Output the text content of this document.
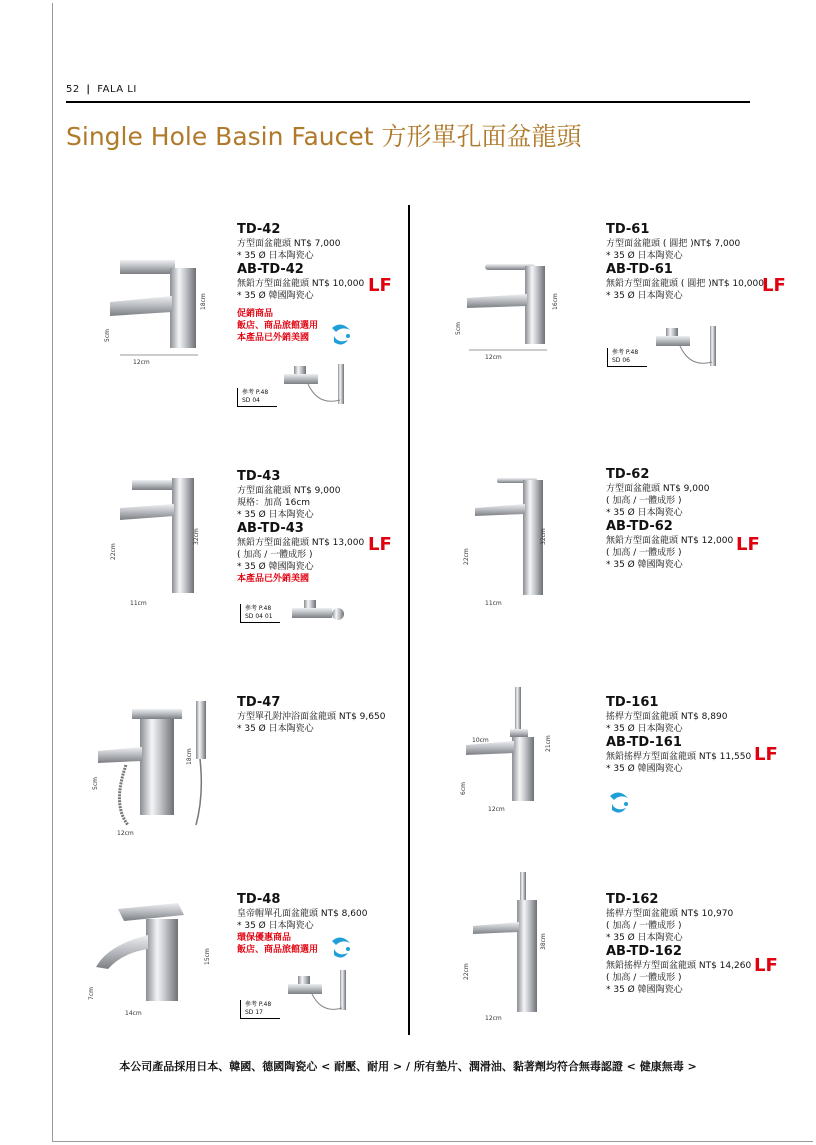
52 | FALA LI
Single Hole Basin Faucet 方形單孔面盆龍頭
TD-42
方型面盆龍頭 NT$ 7,000
* 35 Ø 日本陶瓷心
AB-TD-42
無鉛方型面盆龍頭 NT$ 10,000
* 35 Ø 韓國陶瓷心
促銷商品
飯店、商品旅館選用
本產品已外銷美國
LF
參考 P.48
SD 04
TD-61
方型面盆龍頭 ( 圓把 )NT$ 7,000
* 35 Ø 日本陶瓷心
AB-TD-61
無鉛方型面盆龍頭 ( 圓把 )NT$ 10,000
* 35 Ø 日本陶瓷心	LF
參考 P.48
SD 06
TD-43
方型面盆龍頭 NT$ 9,000
規格：加高 16cm
* 35 Ø 日本陶瓷心
AB-TD-43
無鉛方型面盆龍頭 NT$ 13,000
( 加高 / 一體成形 )
* 35 Ø 韓國陶瓷心
本產品已外銷美國
LF
參考 P.48
SD 04 01
TD-62
方型面盆龍頭 NT$ 9,000
( 加高 / 一體成形 )
* 35 Ø 日本陶瓷心
AB-TD-62
無鉛方型面盆龍頭 NT$ 12,000
( 加高 / 一體成形 )
* 35 Ø 韓國陶瓷心
LF
TD-47
方型單孔附沖浴面盆龍頭 NT$ 9,650
* 35 Ø 日本陶瓷心
TD-161
搖桿方型面盆龍頭 NT$ 8,890
* 35 Ø 日本陶瓷心
AB-TD-161
無鉛搖桿方型面盆龍頭 NT$ 11,550
* 35 Ø 韓國陶瓷心
LF
TD-48
皇帝帽單孔面盆龍頭 NT$ 8,600
* 35 Ø 日本陶瓷心
環保優惠商品
飯店、商品旅館選用
參考 P.48
SD 17
TD-162
搖桿方型面盆龍頭 NT$ 10,970
( 加高 / 一體成形 )
* 35 Ø 日本陶瓷心
AB-TD-162
無鉛搖桿方型面盆龍頭 NT$ 14,260
( 加高 / 一體成形 )
* 35 Ø 韓國陶瓷心
LF
12cm
18cm
5cm
12cm
16cm
5cm
11cm
32cm
22cm
11cm
32cm
22cm
12cm
18cm
5cm
10cm
12cm
21cm
6cm
14cm
15cm
7cm
12cm
38cm
22cm
本公司產品採用日本、韓國、德國陶瓷心 < 耐壓、耐用 > / 所有墊片、潤滑油、黏著劑均符合無毒認證 < 健康無毒 >
